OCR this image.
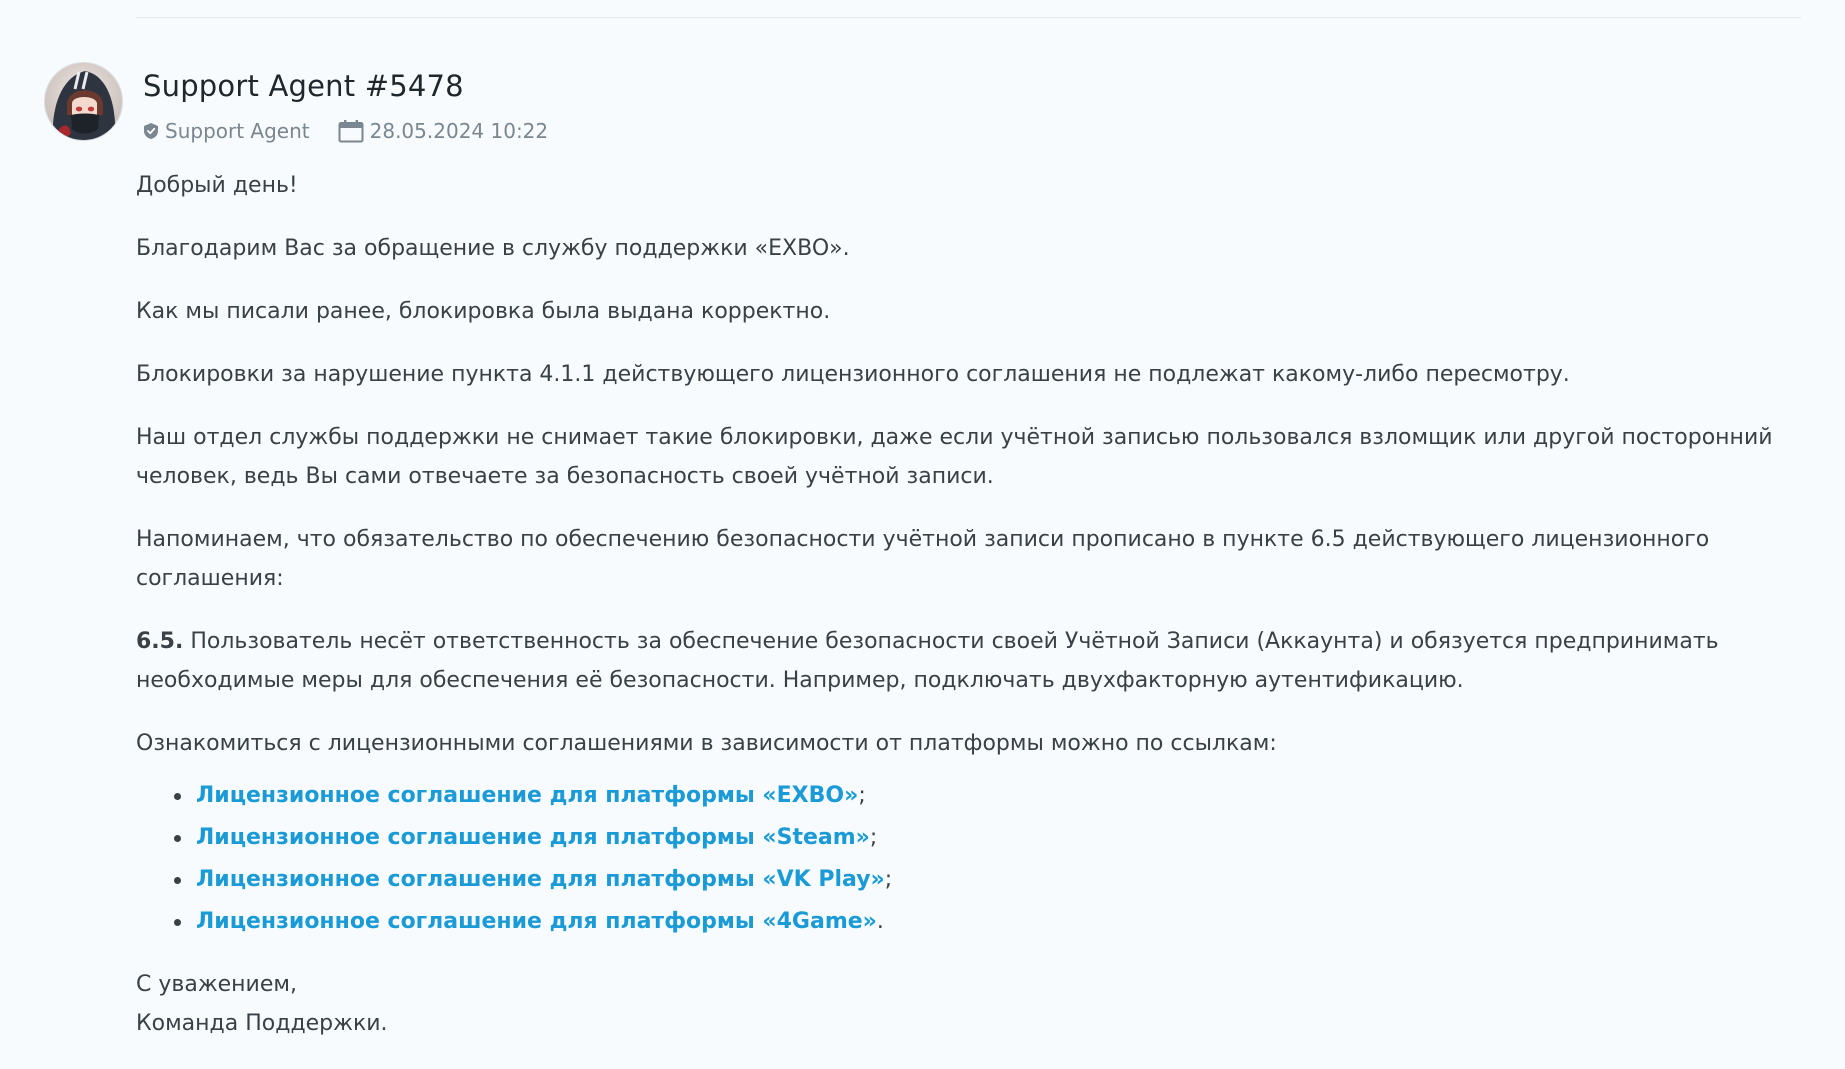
Support Agent #5478
Support Agent	28.05.2024 10:22

Добрый день!

Благодарим Вас за обращение в службу поддержки «EXBO».

Как мы писали ранее, блокировка была выдана корректно.

Блокировки за нарушение пункта 4.1.1 действующего лицензионного соглашения не подлежат какому-либо пересмотру.

Наш отдел службы поддержки не снимает такие блокировки, даже если учётной записью пользовался взломщик или другой посторонний человек, ведь Вы сами отвечаете за безопасность своей учётной записи.

Напоминаем, что обязательство по обеспечению безопасности учётной записи прописано в пункте 6.5 действующего лицензионного соглашения:

6.5. Пользователь несёт ответственность за обеспечение безопасности своей Учётной Записи (Аккаунта) и обязуется предпринимать необходимые меры для обеспечения её безопасности. Например, подключать двухфакторную аутентификацию.

Ознакомиться с лицензионными соглашениями в зависимости от платформы можно по ссылкам:

Лицензионное соглашение для платформы «EXBO»;
Лицензионное соглашение для платформы «Steam»;
Лицензионное соглашение для платформы «VK Play»;
Лицензионное соглашение для платформы «4Game».

С уважением,
Команда Поддержки.
